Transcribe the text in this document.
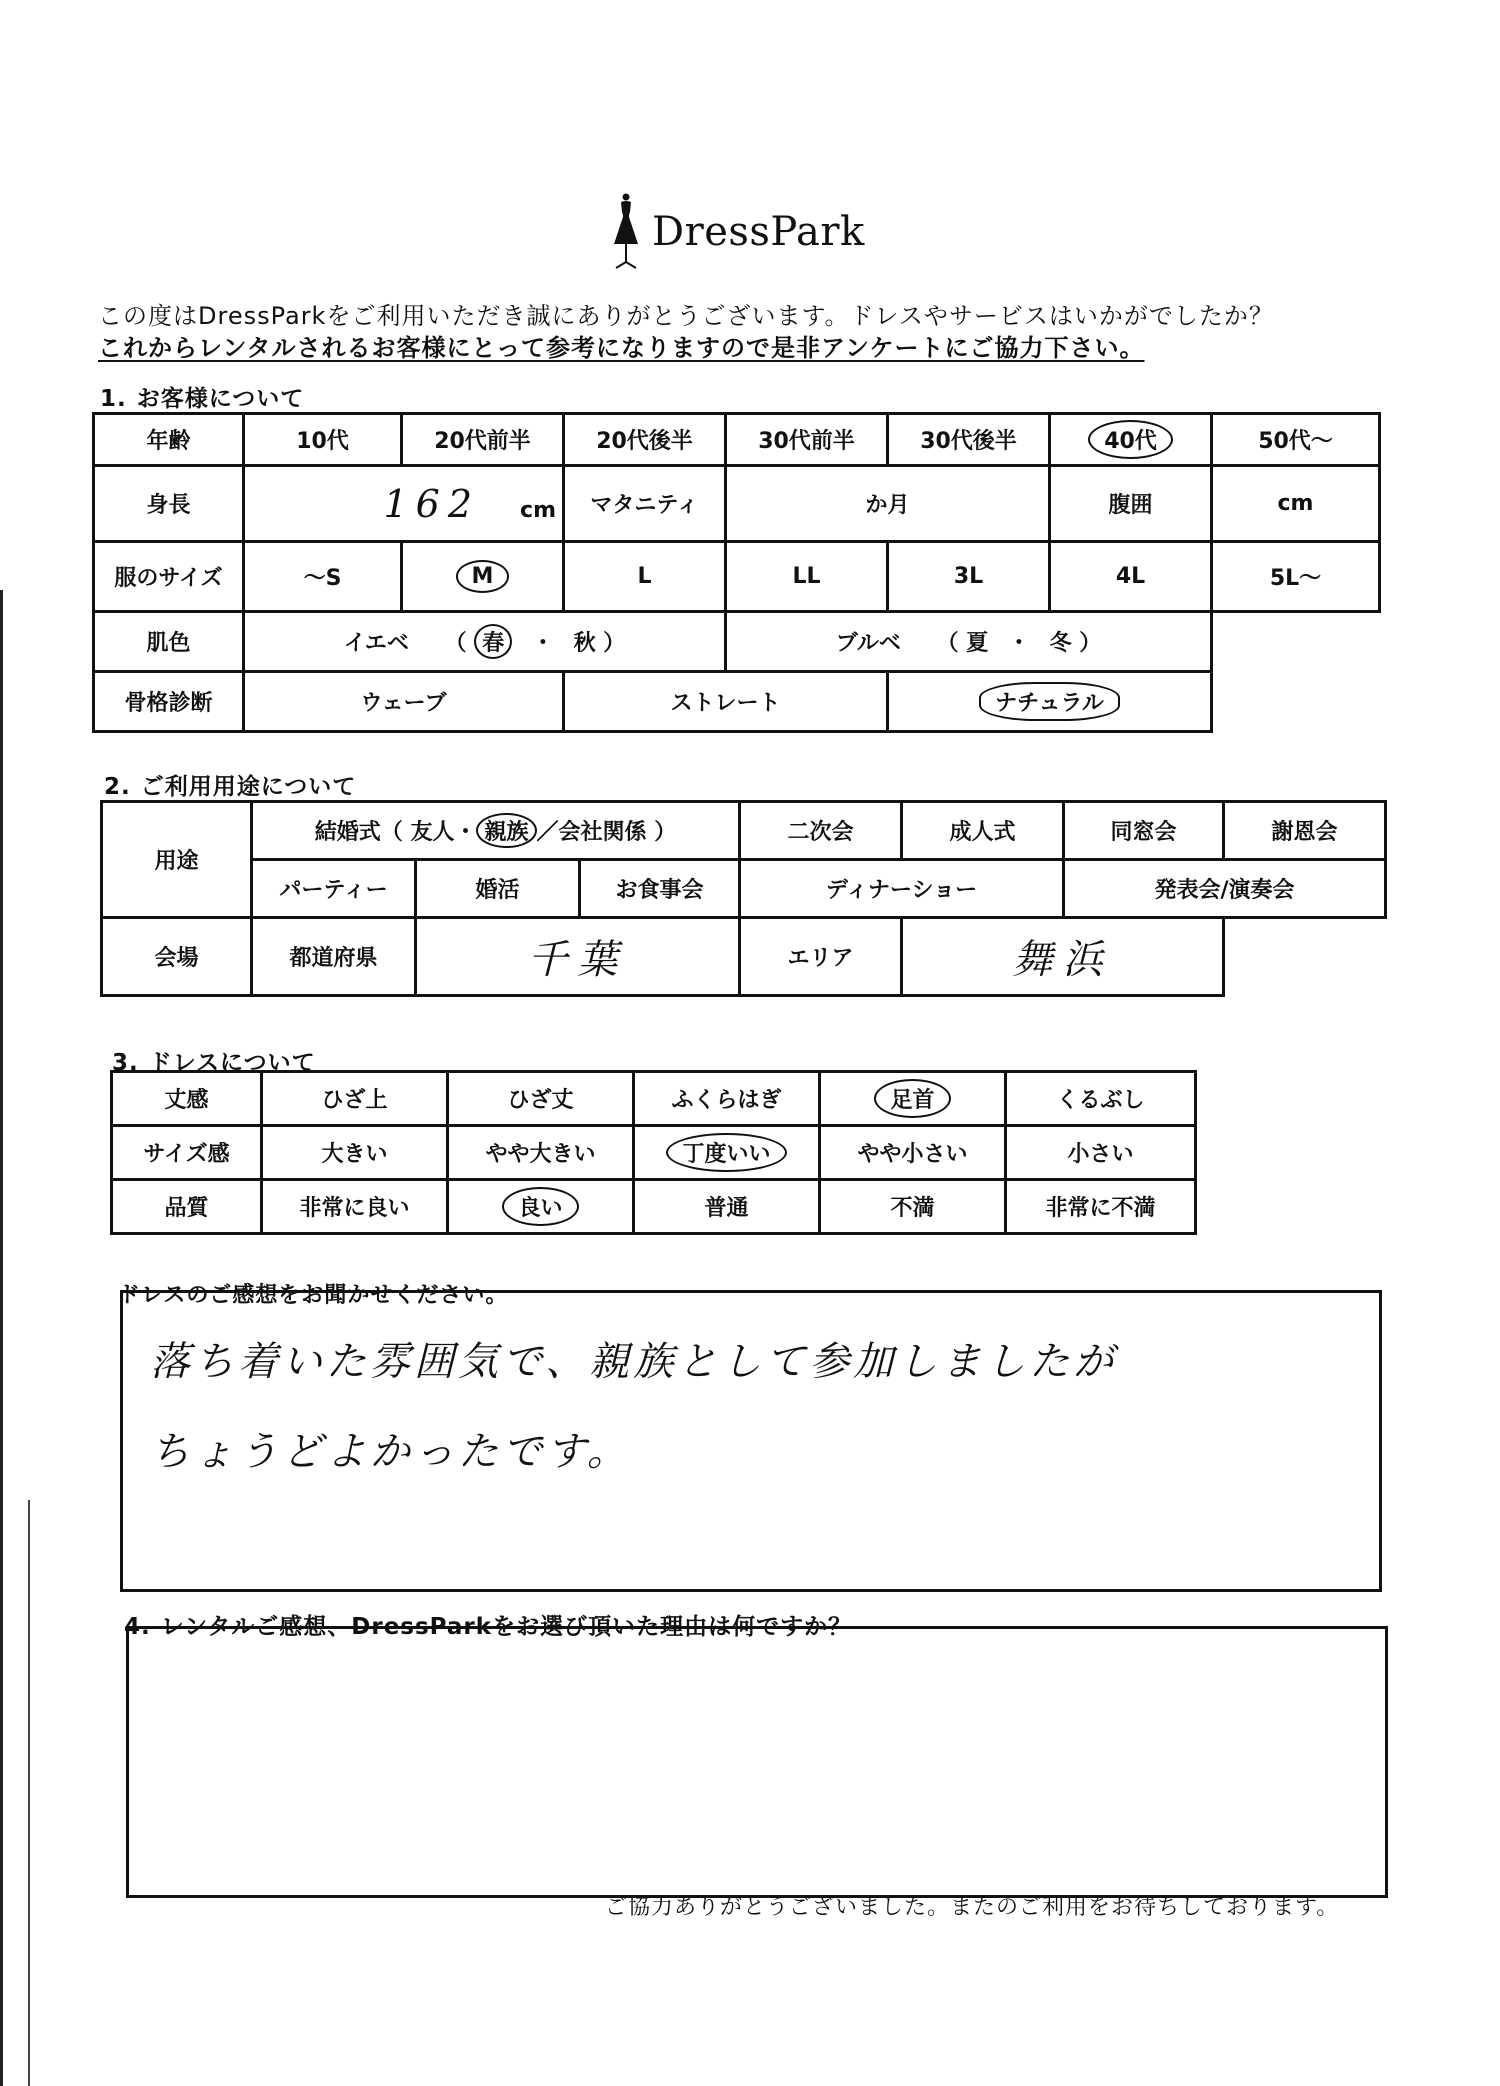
DressPark
この度はDressParkをご利用いただき誠にありがとうございます。ドレスやサービスはいかがでしたか？
これからレンタルされるお客様にとって参考になりますので是非アンケートにご協力下さい。
1. お客様について
年齢	10代	20代前半	20代後半	30代前半	30代後半	40代	50代～
身長	162 cm		マタニティ	か月		腹囲	cm
服のサイズ	～S	M	L	LL	3L	4L	5L～
肌色	イエベ （ 春 ・ 秋 ）			ブルベ （ 夏 ・ 冬 ）			
骨格診断	ウェーブ		ストレート		ナチュラル		
2. ご利用用途について
用途	結婚式（ 友人・ 親族 ／会社関係 ）			二次会	成人式	同窓会	謝恩会
	パーティー	婚活	お食事会	ディナーショー		発表会/演奏会	
会場	都道府県	千葉		エリア	舞浜		
3. ドレスについて
丈感	ひざ上	ひざ丈	ふくらはぎ	足首	くるぶし
サイズ感	大きい	やや大きい	丁度いい	やや小さい	小さい
品質	非常に良い	良い	普通	不満	非常に不満
ドレスのご感想をお聞かせください。
落ち着いた雰囲気で、親族として参加しましたが
ちょうどよかったです。
4. レンタルご感想、DressParkをお選び頂いた理由は何ですか？
ご協力ありがとうございました。またのご利用をお待ちしております。
